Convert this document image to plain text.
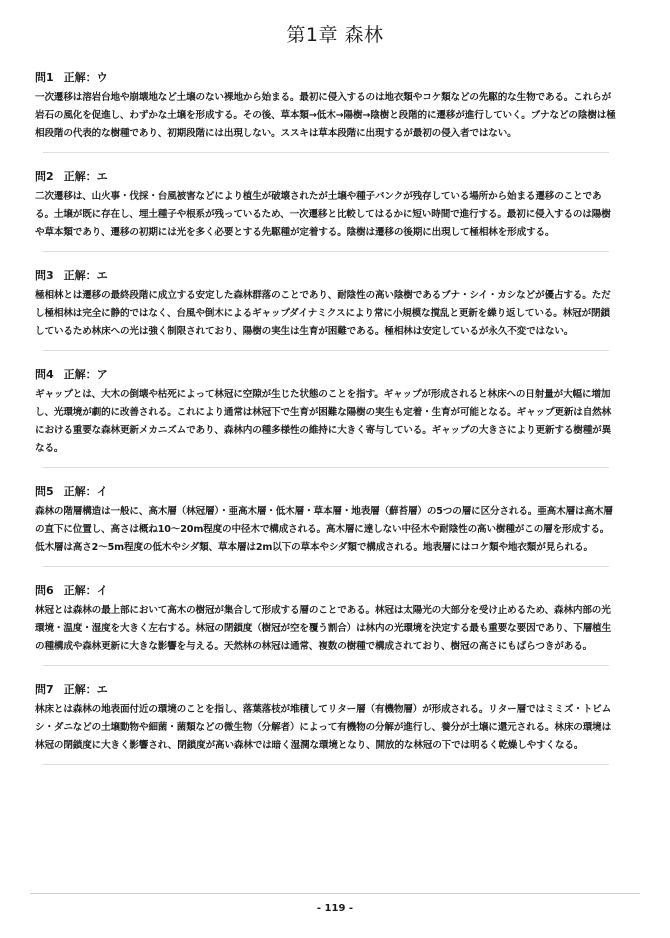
第1章 森林
問1 正解：ウ

一次遷移は溶岩台地や崩壊地など土壌のない裸地から始まる。最初に侵入するのは地衣類やコケ類などの先駆的な生物である。これらが岩石の風化を促進し、わずかな土壌を形成する。その後、草本類→低木→陽樹→陰樹と段階的に遷移が進行していく。ブナなどの陰樹は極相段階の代表的な樹種であり、初期段階には出現しない。ススキは草本段階に出現するが最初の侵入者ではない。

問2 正解：エ

二次遷移は、山火事・伐採・台風被害などにより植生が破壊されたが土壌や種子バンクが残存している場所から始まる遷移のことである。土壌が既に存在し、埋土種子や根系が残っているため、一次遷移と比較してはるかに短い時間で進行する。最初に侵入するのは陽樹や草本類であり、遷移の初期には光を多く必要とする先駆種が定着する。陰樹は遷移の後期に出現して極相林を形成する。

問3 正解：エ

極相林とは遷移の最終段階に成立する安定した森林群落のことであり、耐陰性の高い陰樹であるブナ・シイ・カシなどが優占する。ただし極相林は完全に静的ではなく、台風や倒木によるギャップダイナミクスにより常に小規模な撹乱と更新を繰り返している。林冠が閉鎖しているため林床への光は強く制限されており、陽樹の実生は生育が困難である。極相林は安定しているが永久不変ではない。

問4 正解：ア

ギャップとは、大木の倒壊や枯死によって林冠に空隙が生じた状態のことを指す。ギャップが形成されると林床への日射量が大幅に増加し、光環境が劇的に改善される。これにより通常は林冠下で生育が困難な陽樹の実生も定着・生育が可能となる。ギャップ更新は自然林における重要な森林更新メカニズムであり、森林内の種多様性の維持に大きく寄与している。ギャップの大きさにより更新する樹種が異なる。

問5 正解：イ

森林の階層構造は一般に、高木層（林冠層）・亜高木層・低木層・草本層・地表層（蘚苔層）の5つの層に区分される。亜高木層は高木層の直下に位置し、高さは概ね10～20m程度の中径木で構成される。高木層に達しない中径木や耐陰性の高い樹種がこの層を形成する。低木層は高さ2～5m程度の低木やシダ類、草本層は2m以下の草本やシダ類で構成される。地表層にはコケ類や地衣類が見られる。

問6 正解：イ

林冠とは森林の最上部において高木の樹冠が集合して形成する層のことである。林冠は太陽光の大部分を受け止めるため、森林内部の光環境・温度・湿度を大きく左右する。林冠の閉鎖度（樹冠が空を覆う割合）は林内の光環境を決定する最も重要な要因であり、下層植生の種構成や森林更新に大きな影響を与える。天然林の林冠は通常、複数の樹種で構成されており、樹冠の高さにもばらつきがある。

問7 正解：エ

林床とは森林の地表面付近の環境のことを指し、落葉落枝が堆積してリター層（有機物層）が形成される。リター層ではミミズ・トビムシ・ダニなどの土壌動物や細菌・菌類などの微生物（分解者）によって有機物の分解が進行し、養分が土壌に還元される。林床の環境は林冠の閉鎖度に大きく影響され、閉鎖度が高い森林では暗く湿潤な環境となり、開放的な林冠の下では明るく乾燥しやすくなる。

- 119 -
